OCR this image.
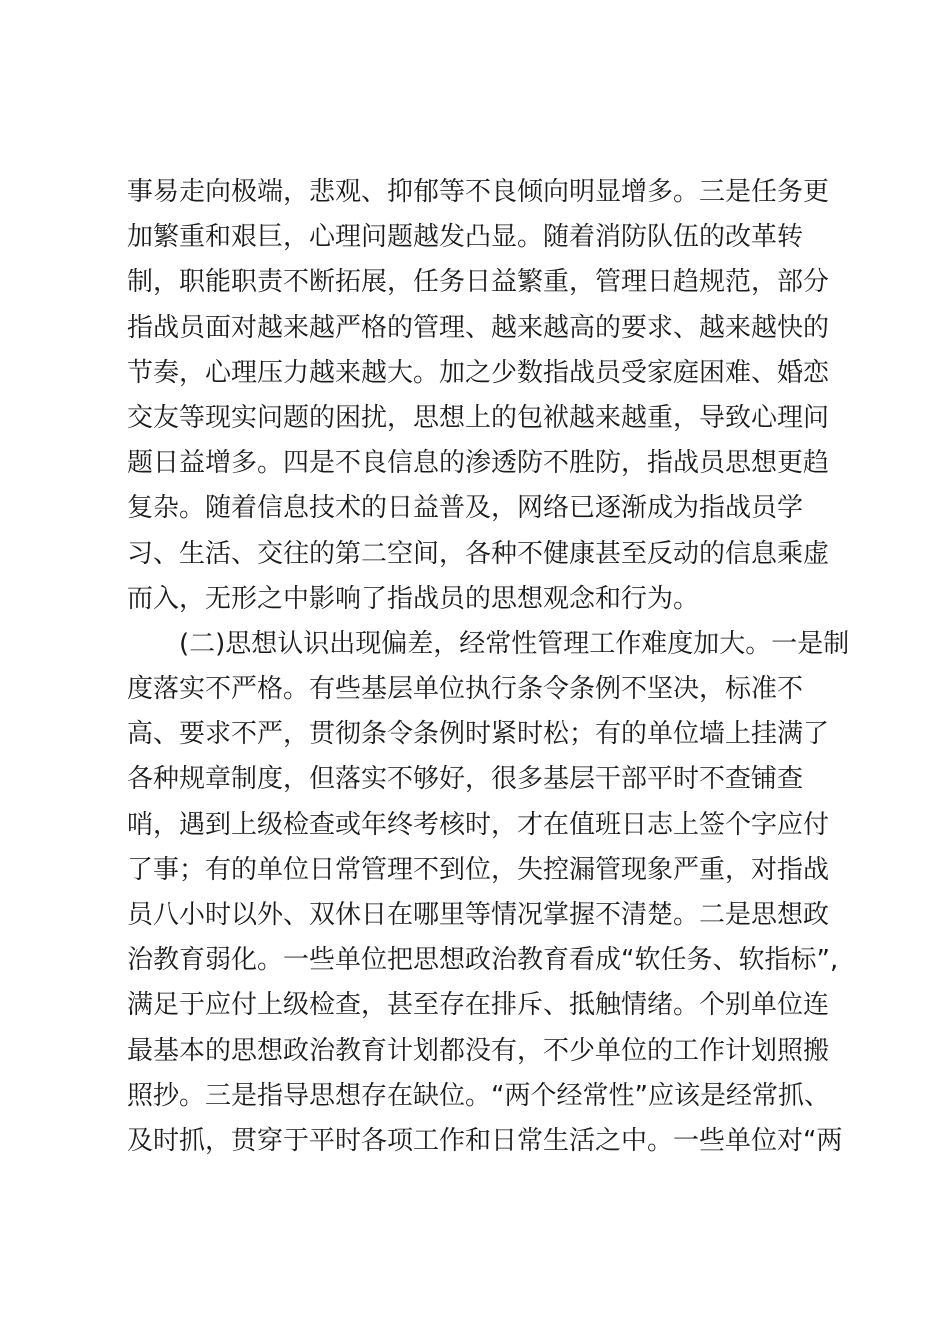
事易走向极端，悲观、抑郁等不良倾向明显增多。三是任务更
加繁重和艰巨，心理问题越发凸显。随着消防队伍的改革转
制，职能职责不断拓展，任务日益繁重，管理日趋规范，部分
指战员面对越来越严格的管理、越来越高的要求、越来越快的
节奏，心理压力越来越大。加之少数指战员受家庭困难、婚恋
交友等现实问题的困扰，思想上的包袱越来越重，导致心理问
题日益增多。四是不良信息的渗透防不胜防，指战员思想更趋
复杂。随着信息技术的日益普及，网络已逐渐成为指战员学
习、生活、交往的第二空间，各种不健康甚至反动的信息乘虚
而入，无形之中影响了指战员的思想观念和行为。
(二)思想认识出现偏差，经常性管理工作难度加大。一是制
度落实不严格。有些基层单位执行条令条例不坚决，标准不
高、要求不严，贯彻条令条例时紧时松；有的单位墙上挂满了
各种规章制度，但落实不够好，很多基层干部平时不查铺查
哨，遇到上级检查或年终考核时，才在值班日志上签个字应付
了事；有的单位日常管理不到位，失控漏管现象严重，对指战
员八小时以外、双休日在哪里等情况掌握不清楚。二是思想政
治教育弱化。一些单位把思想政治教育看成“软任务、软指标”,
满足于应付上级检查，甚至存在排斥、抵触情绪。个别单位连
最基本的思想政治教育计划都没有，不少单位的工作计划照搬
照抄。三是指导思想存在缺位。“两个经常性”应该是经常抓、
及时抓，贯穿于平时各项工作和日常生活之中。一些单位对“两
